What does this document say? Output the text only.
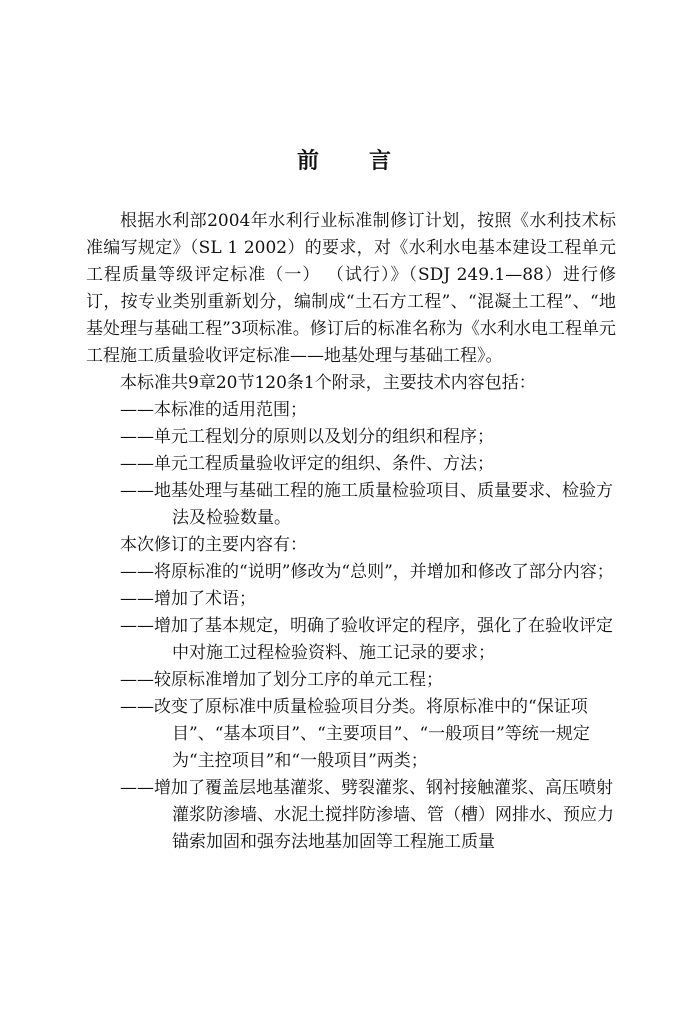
前 言

根据水利部2004年水利行业标准制修订计划，按照《水利技术标准编写规定》（SL 1 2002）的要求，对《水利水电基本建设工程单元工程质量等级评定标准（一） （试行）》（SDJ 249.1—88）进行修订，按专业类别重新划分，编制成“土石方工程”、“混凝土工程”、“地基处理与基础工程”3项标准。修订后的标准名称为《水利水电工程单元工程施工质量验收评定标准——地基处理与基础工程》。

本标准共9章20节120条1个附录，主要技术内容包括：

——本标准的适用范围；

——单元工程划分的原则以及划分的组织和程序；

——单元工程质量验收评定的组织、条件、方法；

——地基处理与基础工程的施工质量检验项目、质量要求、检验方法及检验数量。

本次修订的主要内容有：

——将原标准的“说明”修改为“总则”，并增加和修改了部分内容；

——增加了术语；

——增加了基本规定，明确了验收评定的程序，强化了在验收评定中对施工过程检验资料、施工记录的要求；

——较原标准增加了划分工序的单元工程；

——改变了原标准中质量检验项目分类。将原标准中的“保证项目”、“基本项目”、“主要项目”、“一般项目”等统一规定为“主控项目”和“一般项目”两类；

——增加了覆盖层地基灌浆、劈裂灌浆、钢衬接触灌浆、高压喷射灌浆防渗墙、水泥土搅拌防渗墙、管（槽）网排水、预应力锚索加固和强夯法地基加固等工程施工质量
